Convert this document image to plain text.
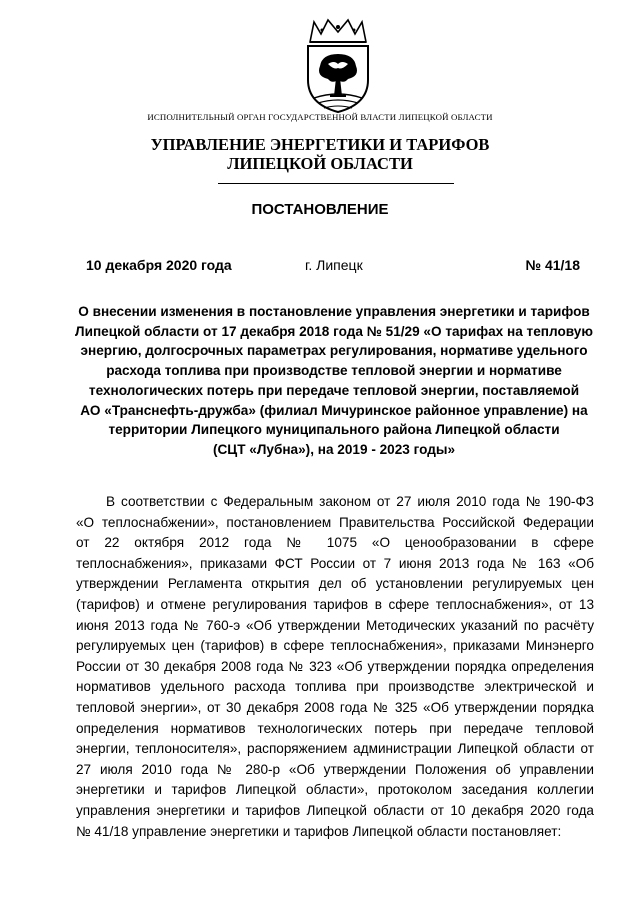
ИСПОЛНИТЕЛЬНЫЙ ОРГАН ГОСУДАРСТВЕННОЙ ВЛАСТИ ЛИПЕЦКОЙ ОБЛАСТИ
УПРАВЛЕНИЕ ЭНЕРГЕТИКИ И ТАРИФОВ
ЛИПЕЦКОЙ ОБЛАСТИ
ПОСТАНОВЛЕНИЕ
10 декабря 2020 года	г. Липецк	№ 41/18
О внесении изменения в постановление управления энергетики и тарифов
Липецкой области от 17 декабря 2018 года № 51/29 «О тарифах на тепловую
энергию, долгосрочных параметрах регулирования, нормативе удельного
расхода топлива при производстве тепловой энергии и нормативе
технологических потерь при передаче тепловой энергии, поставляемой
АО «Транснефть-дружба» (филиал Мичуринское районное управление) на
территории Липецкого муниципального района Липецкой области
(СЦТ «Лубна»), на 2019 - 2023 годы»
В соответствии с Федеральным законом от 27 июля 2010 года № 190-ФЗ
«О теплоснабжении», постановлением Правительства Российской Федерации
от 22 октября 2012 года № 1075 «О ценообразовании в сфере
теплоснабжения», приказами ФСТ России от 7 июня 2013 года № 163 «Об
утверждении Регламента открытия дел об установлении регулируемых цен
(тарифов) и отмене регулирования тарифов в сфере теплоснабжения», от 13
июня 2013 года № 760-э «Об утверждении Методических указаний по расчёту
регулируемых цен (тарифов) в сфере теплоснабжения», приказами Минэнерго
России от 30 декабря 2008 года № 323 «Об утверждении порядка определения
нормативов удельного расхода топлива при производстве электрической и
тепловой энергии», от 30 декабря 2008 года № 325 «Об утверждении порядка
определения нормативов технологических потерь при передаче тепловой
энергии, теплоносителя», распоряжением администрации Липецкой области от
27 июля 2010 года № 280-р «Об утверждении Положения об управлении
энергетики и тарифов Липецкой области», протоколом заседания коллегии
управления энергетики и тарифов Липецкой области от 10 декабря 2020 года
№ 41/18 управление энергетики и тарифов Липецкой области постановляет:
